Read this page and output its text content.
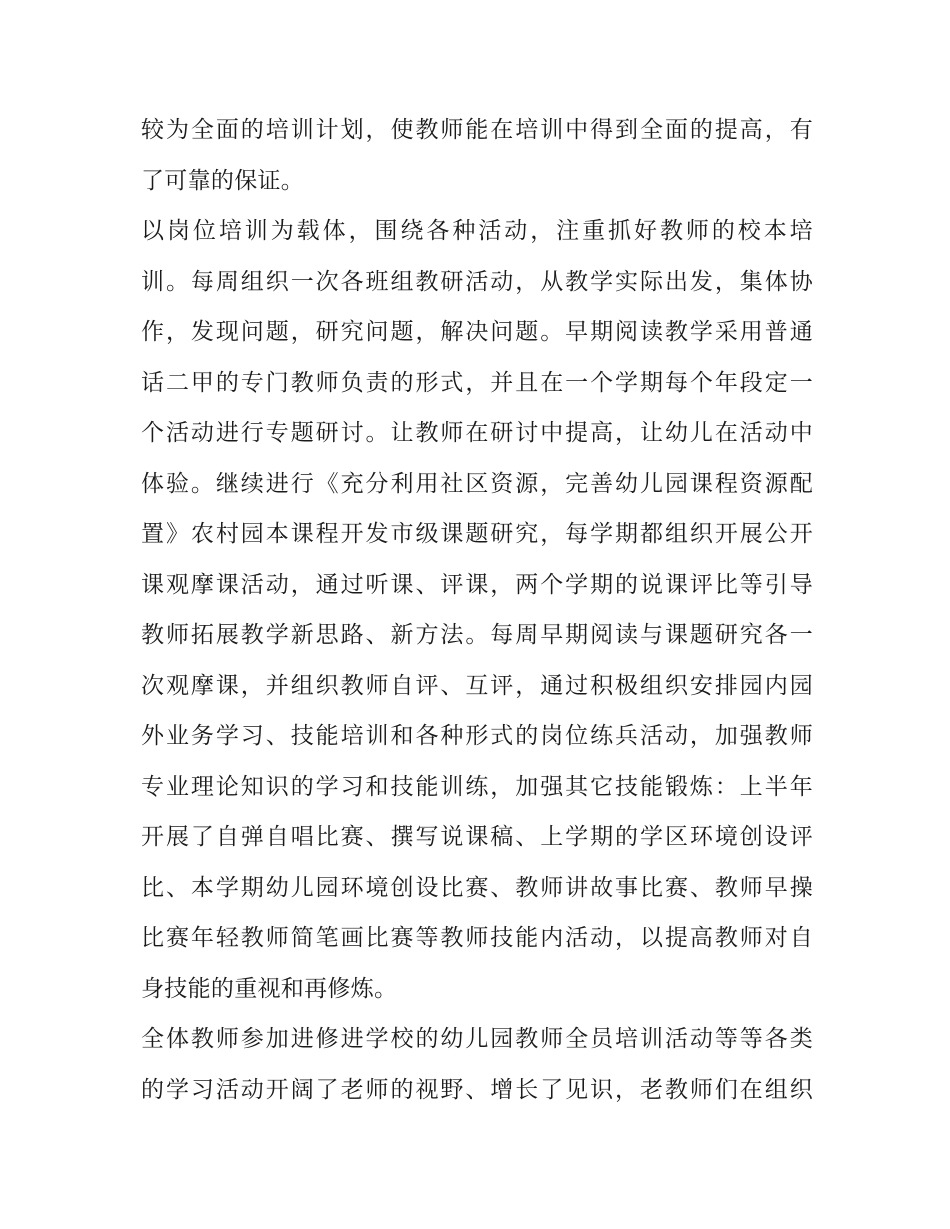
较为全面的培训计划，使教师能在培训中得到全面的提高，有
了可靠的保证。
以岗位培训为载体，围绕各种活动，注重抓好教师的校本培
训。每周组织一次各班组教研活动，从教学实际出发，集体协
作，发现问题，研究问题，解决问题。早期阅读教学采用普通
话二甲的专门教师负责的形式，并且在一个学期每个年段定一
个活动进行专题研讨。让教师在研讨中提高，让幼儿在活动中
体验。继续进行《充分利用社区资源，完善幼儿园课程资源配
置》农村园本课程开发市级课题研究，每学期都组织开展公开
课观摩课活动，通过听课、评课，两个学期的说课评比等引导
教师拓展教学新思路、新方法。每周早期阅读与课题研究各一
次观摩课，并组织教师自评、互评，通过积极组织安排园内园
外业务学习、技能培训和各种形式的岗位练兵活动，加强教师
专业理论知识的学习和技能训练，加强其它技能锻炼：上半年
开展了自弹自唱比赛、撰写说课稿、上学期的学区环境创设评
比、本学期幼儿园环境创设比赛、教师讲故事比赛、教师早操
比赛年轻教师简笔画比赛等教师技能内活动，以提高教师对自
身技能的重视和再修炼。
全体教师参加进修进学校的幼儿园教师全员培训活动等等各类
的学习活动开阔了老师的视野、增长了见识，老教师们在组织
